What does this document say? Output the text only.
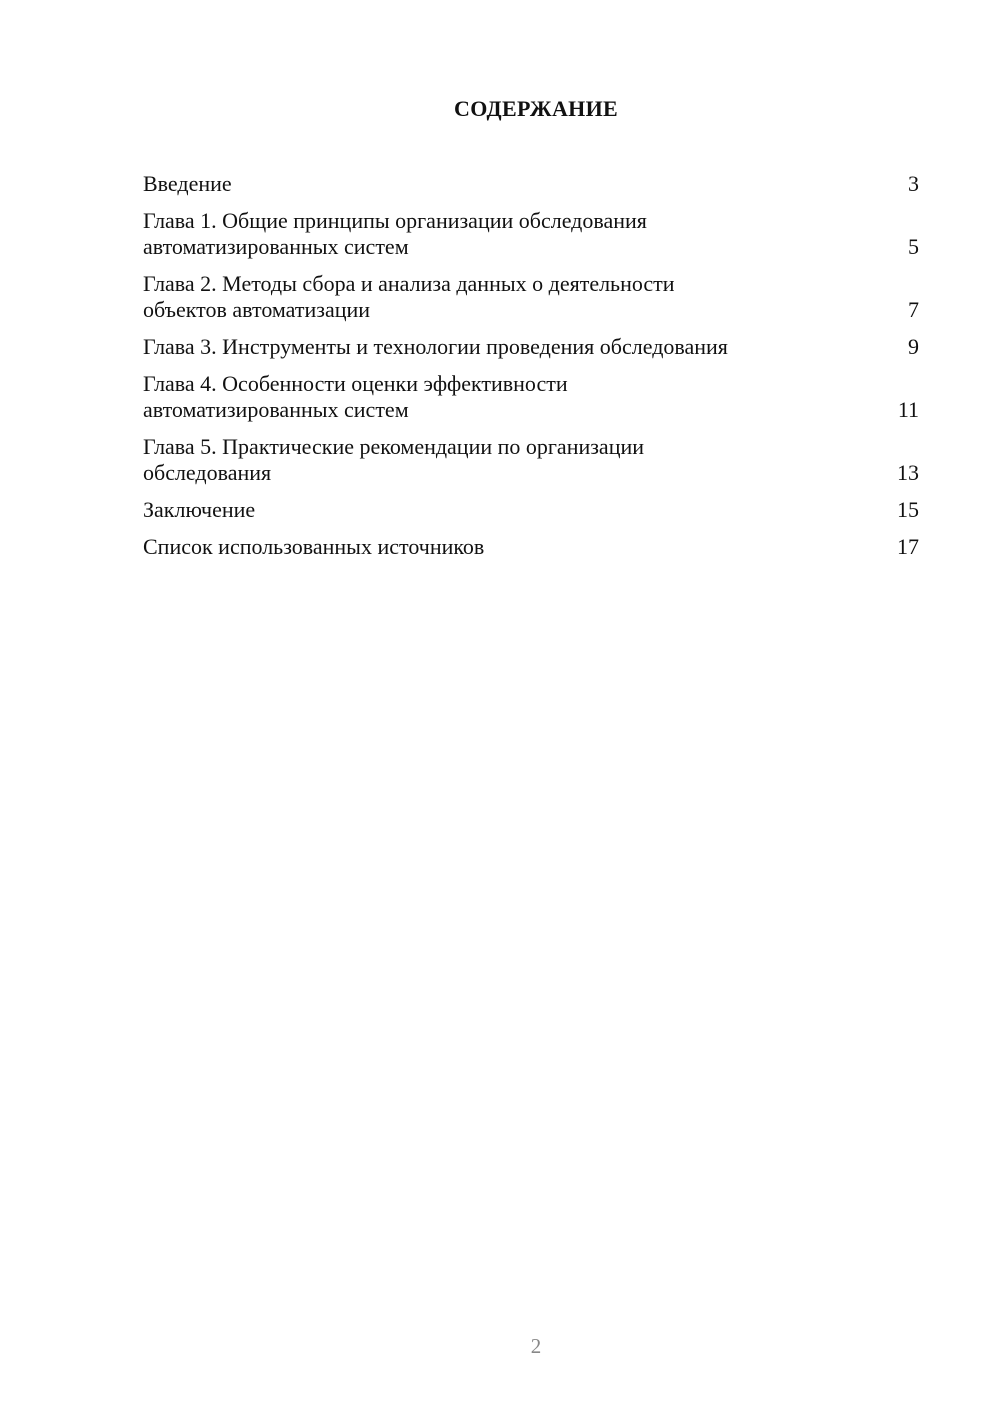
СОДЕРЖАНИЕ
Введение	3
Глава 1. Общие принципы организации обследования
автоматизированных систем	5
Глава 2. Методы сбора и анализа данных о деятельности
объектов автоматизации	7
Глава 3. Инструменты и технологии проведения обследования	9
Глава 4. Особенности оценки эффективности
автоматизированных систем	11
Глава 5. Практические рекомендации по организации
обследования	13
Заключение	15
Список использованных источников	17
2
